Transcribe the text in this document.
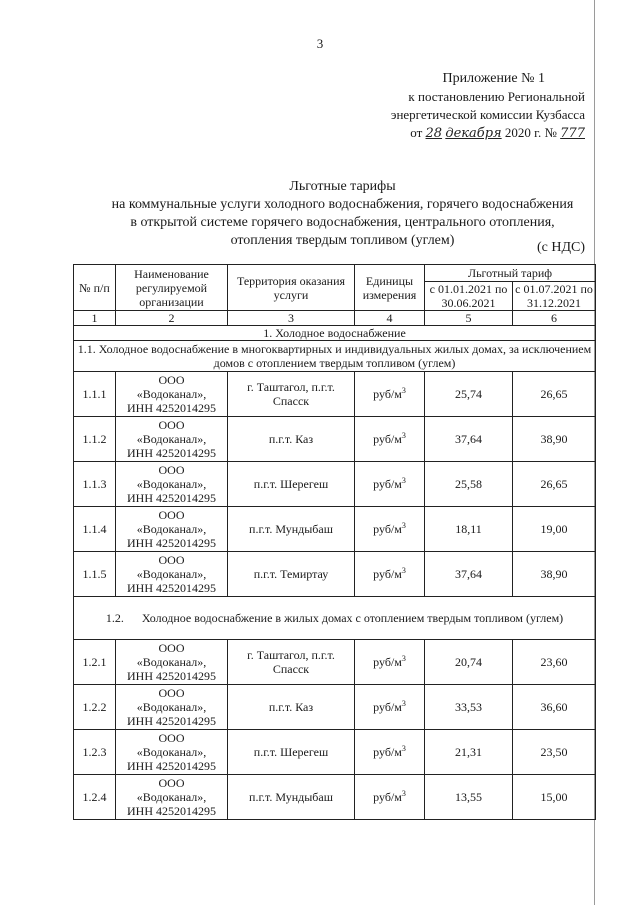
3
Приложение № 1
к постановлению Региональной
энергетической комиссии Кузбасса
от 28 декабря 2020 г. № 777
Льготные тарифы
на коммунальные услуги холодного водоснабжения, горячего водоснабжения
в открытой системе горячего водоснабжения, центрального отопления,
отопления твердым топливом (углем)	(с НДС)
№ п/п	Наименование регулируемой организации	Территория оказания услуги	Единицы измерения	Льготный тариф	
				с 01.01.2021 по 30.06.2021	с 01.07.2021 по 31.12.2021
1	2	3	4	5	6
1. Холодное водоснабжение					
1.1. Холодное водоснабжение в многоквартирных и индивидуальных жилых домах, за исключением домов с отоплением твердым топливом (углем)					
1.1.1	ООО
«Водоканал»,
ИНН 4252014295	г. Таштагол, п.г.т. Спасск	руб/$м^3$	25,74	26,65
1.1.2	ООО
«Водоканал»,
ИНН 4252014295	п.г.т. Каз	руб/$м^3$	37,64	38,90
1.1.3	ООО
«Водоканал»,
ИНН 4252014295	п.г.т. Шерегеш	руб/$м^3$	25,58	26,65
1.1.4	ООО
«Водоканал»,
ИНН 4252014295	п.г.т. Мундыбаш	руб/$м^3$	18,11	19,00
1.1.5	ООО
«Водоканал»,
ИНН 4252014295	п.г.т. Темиртау	руб/$м^3$	37,64	38,90
1.2. Холодное водоснабжение в жилых домах с отоплением твердым топливом (углем)					
1.2.1	ООО
«Водоканал»,
ИНН 4252014295	г. Таштагол, п.г.т. Спасск	руб/$м^3$	20,74	23,60
1.2.2	ООО
«Водоканал»,
ИНН 4252014295	п.г.т. Каз	руб/$м^3$	33,53	36,60
1.2.3	ООО
«Водоканал»,
ИНН 4252014295	п.г.т. Шерегеш	руб/$м^3$	21,31	23,50
1.2.4	ООО
«Водоканал»,
ИНН 4252014295	п.г.т. Мундыбаш	руб/$м^3$	13,55	15,00
